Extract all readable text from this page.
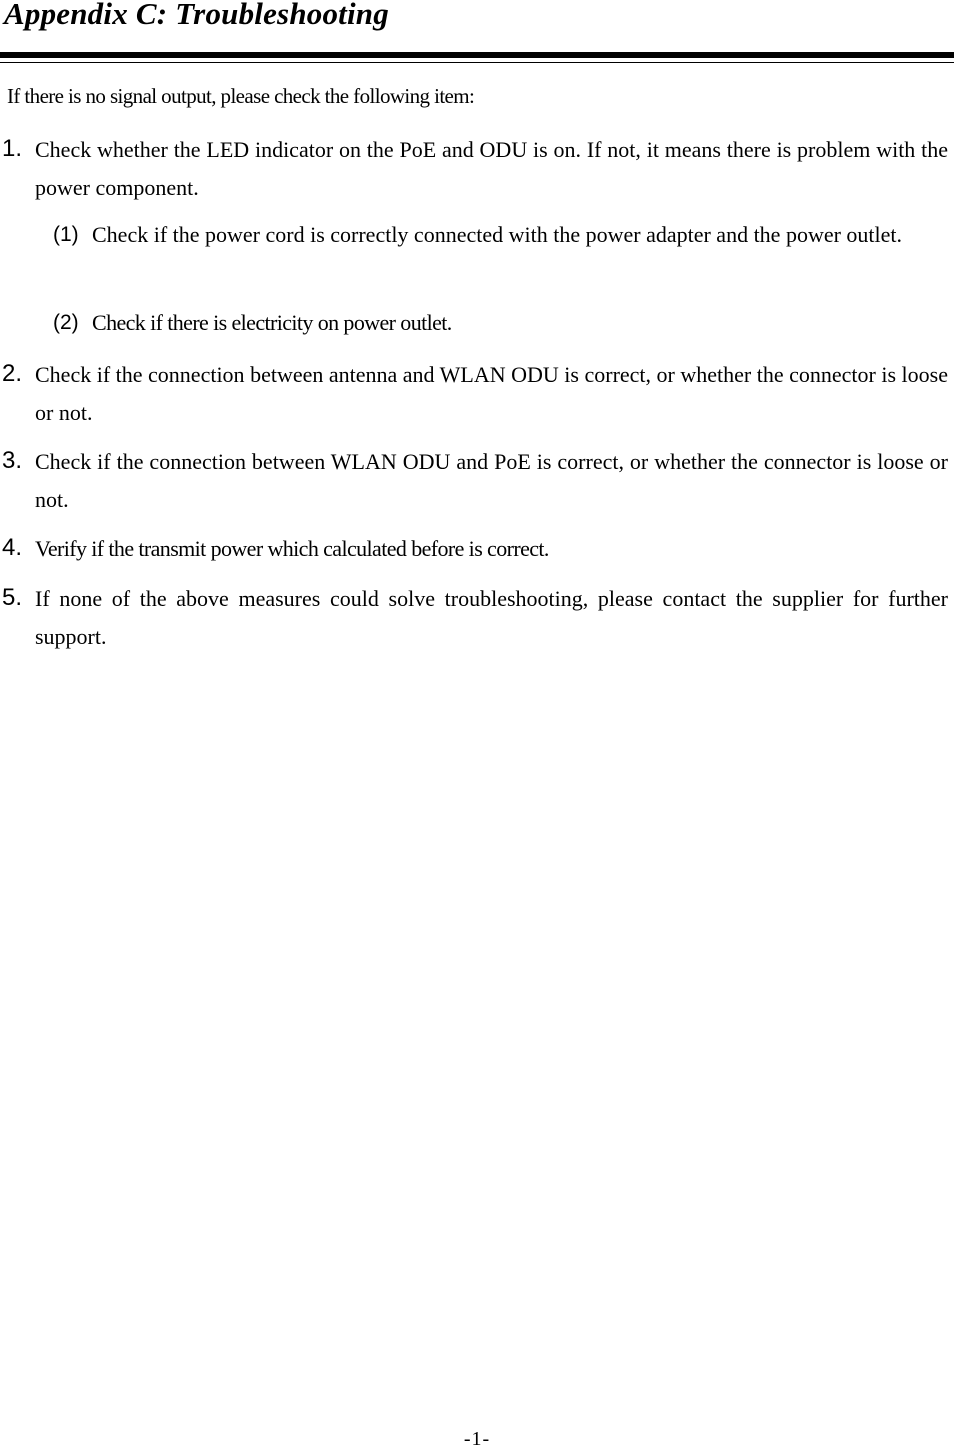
Appendix C: Troubleshooting
If there is no signal output, please check the following item:
1. Check whether the LED indicator on the PoE and ODU is on. If not, it means there is problem with the power component.
(1) Check if the power cord is correctly connected with the power adapter and the power outlet.
(2) Check if there is electricity on power outlet.
2. Check if the connection between antenna and WLAN ODU is correct, or whether the connector is loose or not.
3. Check if the connection between WLAN ODU and PoE is correct, or whether the connector is loose or not.
4. Verify if the transmit power which calculated before is correct.
5. If none of the above measures could solve troubleshooting, please contact the supplier for further support.
-1-
